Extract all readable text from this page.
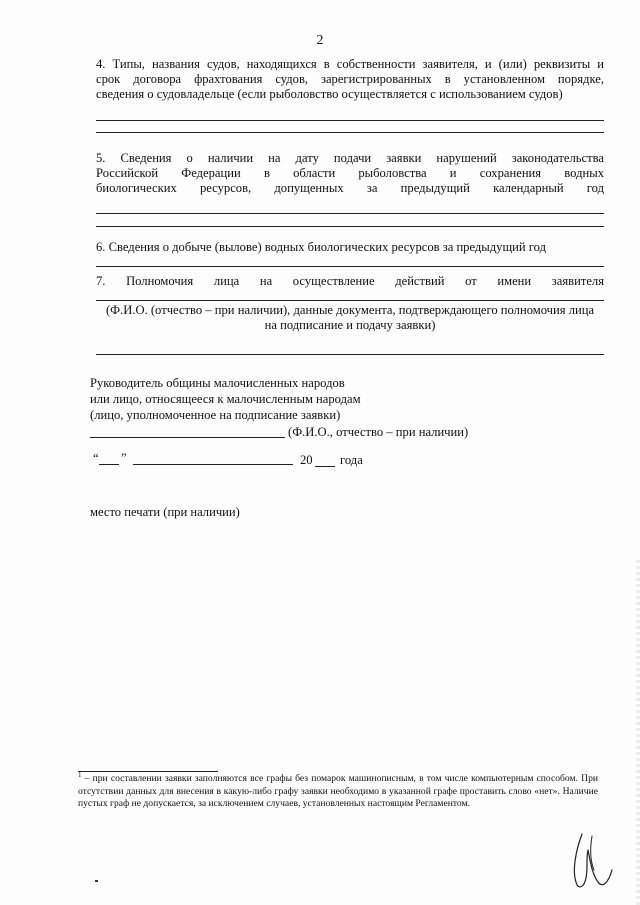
2
4. Типы, названия судов, находящихся в собственности заявителя, и (или) реквизиты и
срок договора фрахтования судов, зарегистрированных в установленном порядке,
сведения о судовладельце (если рыболовство осуществляется с использованием судов)
5. Сведения о наличии на дату подачи заявки нарушений законодательства
Российской Федерации в области рыболовства и сохранения водных
биологических ресурсов, допущенных за предыдущий календарный год
6. Сведения о добыче (вылове) водных биологических ресурсов за предыдущий год
7. Полномочия лица на осуществление действий от имени заявителя
(Ф.И.О. (отчество – при наличии), данные документа, подтверждающего полномочия лица
на подписание и подачу заявки)
Руководитель общины малочисленных народов
или лицо, относящееся к малочисленным народам
(лицо, уполномоченное на подписание заявки)
(Ф.И.О., отчество – при наличии)
“ ”	20 года
место печати (при наличии)
$^1$ – при составлении заявки заполняются все графы без помарок машинописным, в том числе компьютерным способом. При отсутствии данных для внесения в какую-либо графу заявки необходимо в указанной графе проставить слово «нет». Наличие пустых граф не допускается, за исключением случаев, установленных настоящим Регламентом.
